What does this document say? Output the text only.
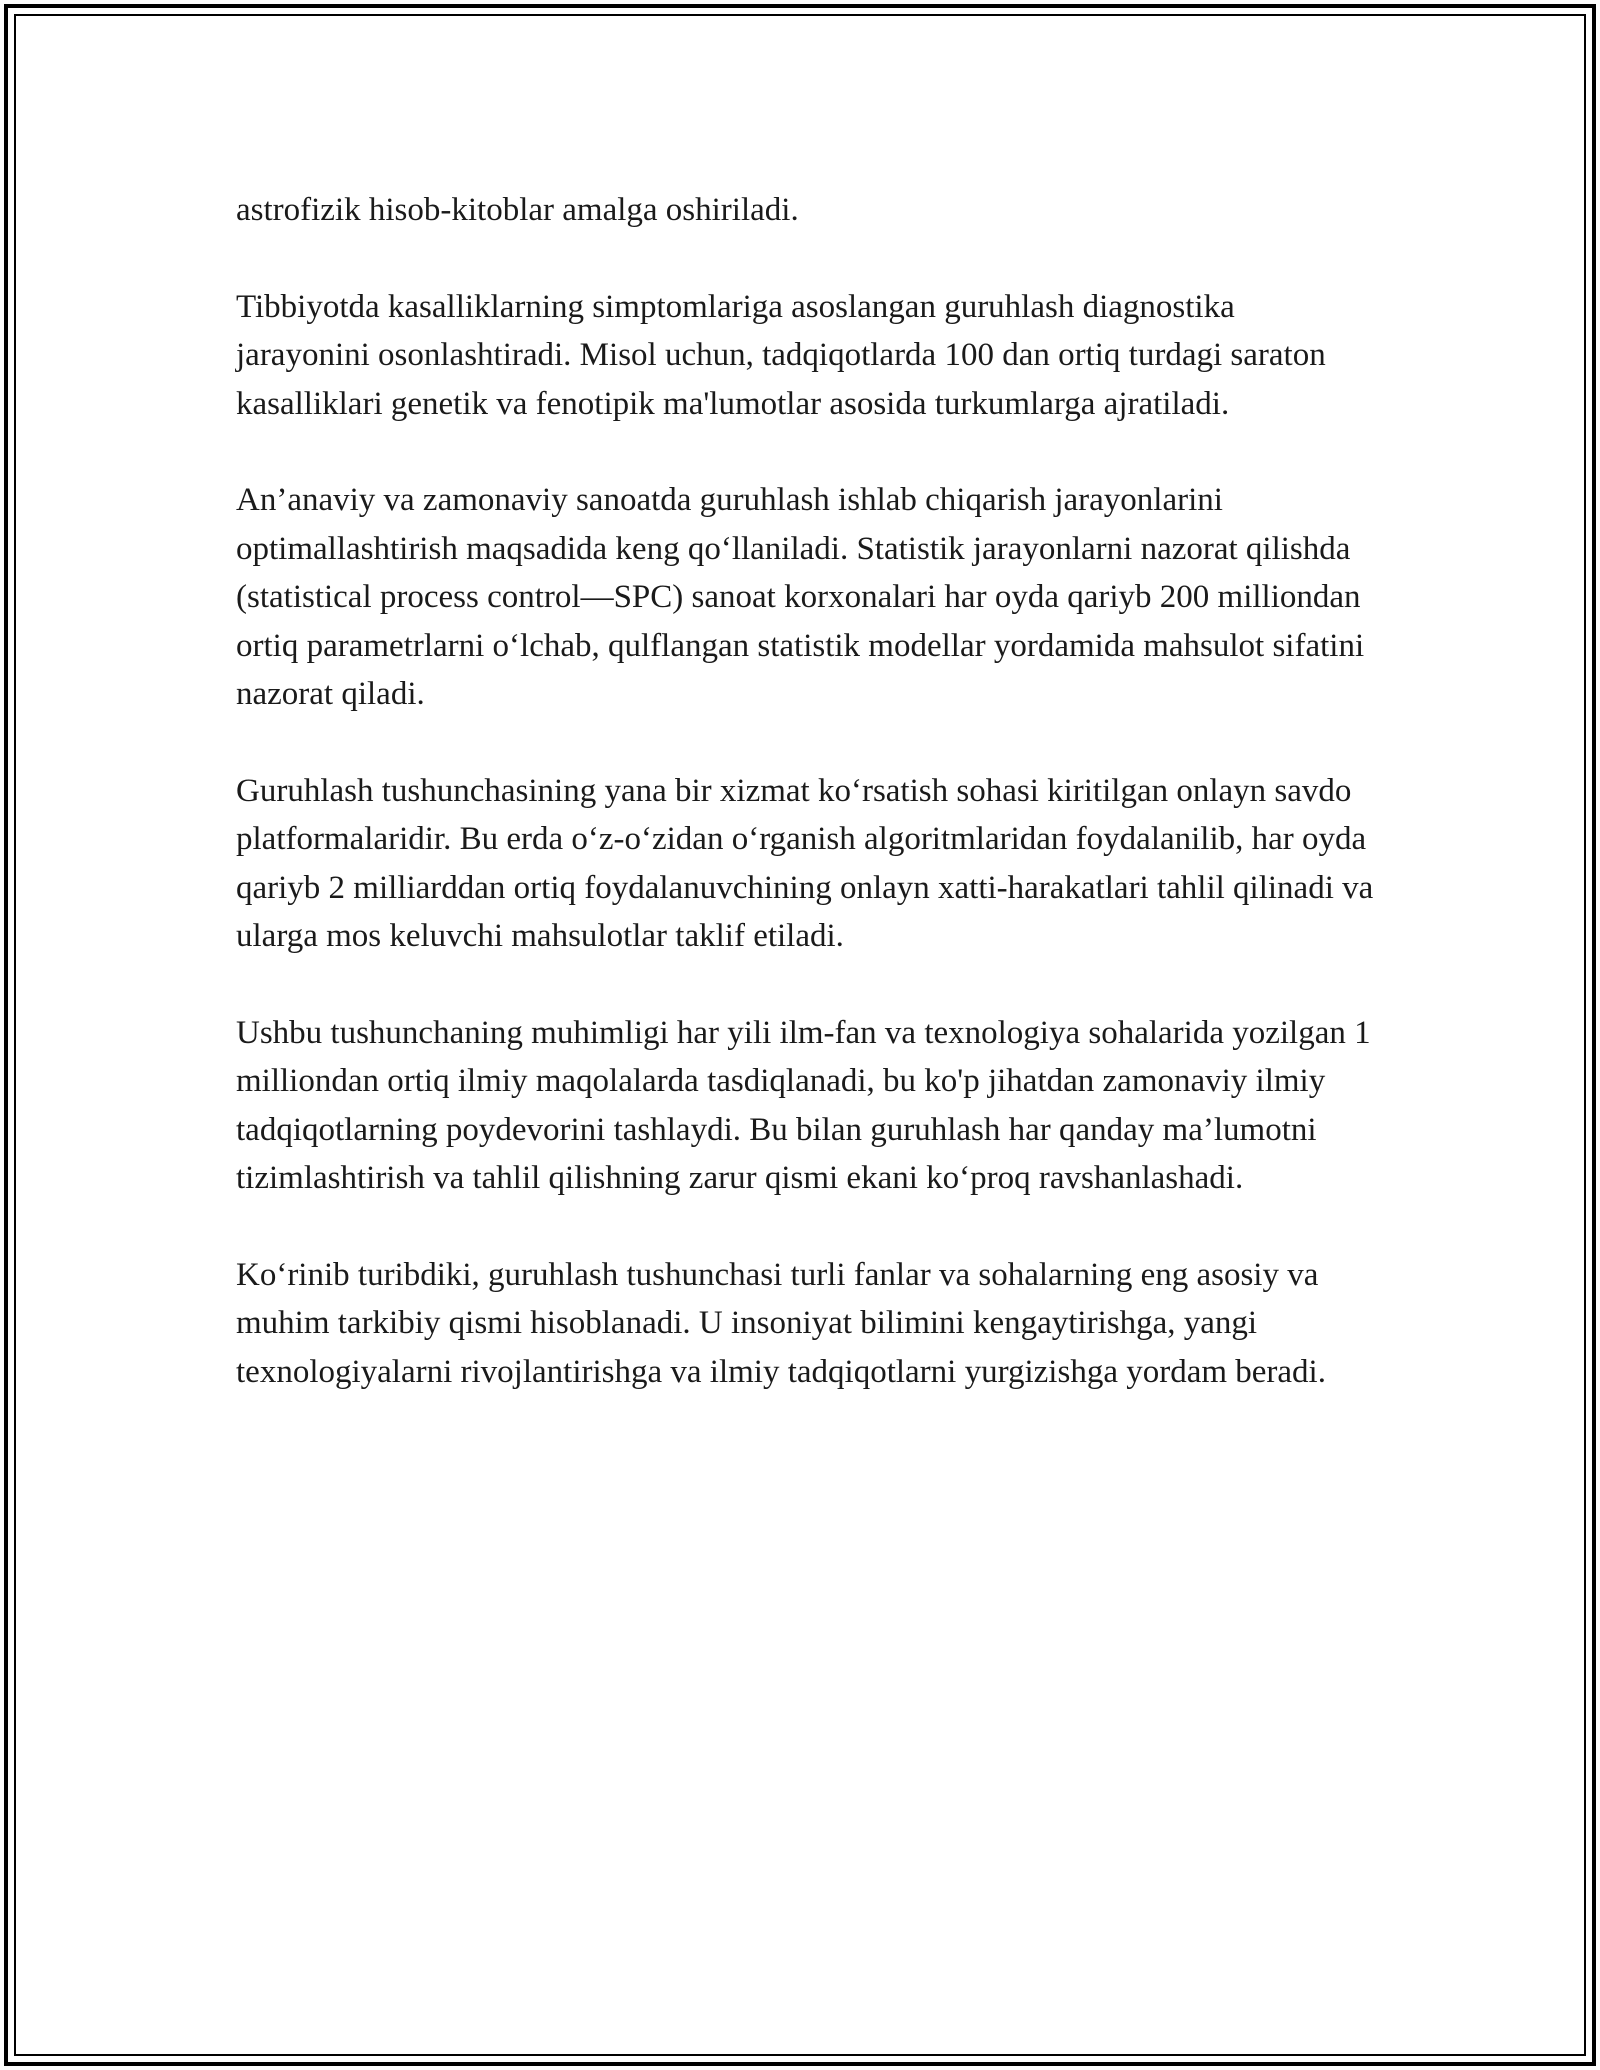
astrofizik hisob-kitoblar amalga oshiriladi.

Tibbiyotda kasalliklarning simptomlariga asoslangan guruhlash diagnostika jarayonini osonlashtiradi. Misol uchun, tadqiqotlarda 100 dan ortiq turdagi saraton kasalliklari genetik va fenotipik ma'lumotlar asosida turkumlarga ajratiladi.

An’anaviy va zamonaviy sanoatda guruhlash ishlab chiqarish jarayonlarini optimallashtirish maqsadida keng qo‘llaniladi. Statistik jarayonlarni nazorat qilishda (statistical process control—SPC) sanoat korxonalari har oyda qariyb 200 milliondan ortiq parametrlarni o‘lchab, qulflangan statistik modellar yordamida mahsulot sifatini nazorat qiladi.

Guruhlash tushunchasining yana bir xizmat ko‘rsatish sohasi kiritilgan onlayn savdo platformalaridir. Bu erda o‘z-o‘zidan o‘rganish algoritmlaridan foydalanilib, har oyda qariyb 2 milliarddan ortiq foydalanuvchining onlayn xatti-harakatlari tahlil qilinadi va ularga mos keluvchi mahsulotlar taklif etiladi.

Ushbu tushunchaning muhimligi har yili ilm-fan va texnologiya sohalarida yozilgan 1 milliondan ortiq ilmiy maqolalarda tasdiqlanadi, bu ko'p jihatdan zamonaviy ilmiy tadqiqotlarning poydevorini tashlaydi. Bu bilan guruhlash har qanday ma’lumotni tizimlashtirish va tahlil qilishning zarur qismi ekani ko‘proq ravshanlashadi.

Ko‘rinib turibdiki, guruhlash tushunchasi turli fanlar va sohalarning eng asosiy va muhim tarkibiy qismi hisoblanadi. U insoniyat bilimini kengaytirishga, yangi texnologiyalarni rivojlantirishga va ilmiy tadqiqotlarni yurgizishga yordam beradi.
